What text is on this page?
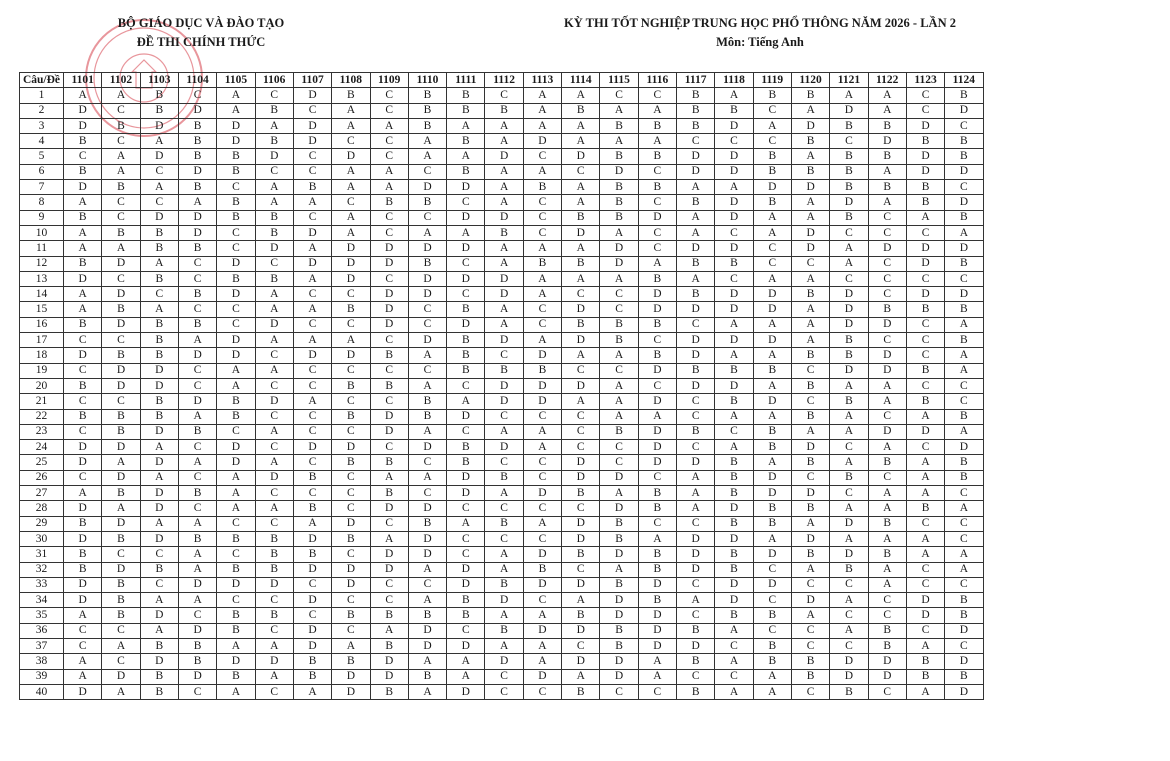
BỘ GIÁO DỤC VÀ ĐÀO TẠO
ĐỀ THI CHÍNH THỨC
KỲ THI TỐT NGHIỆP TRUNG HỌC PHỔ THÔNG NĂM 2026 - LẦN 2
Môn: Tiếng Anh
Câu/Đề	1101	1102	1103	1104	1105	1106	1107	1108	1109	1110	1111	1112	1113	1114	1115	1116	1117	1118	1119	1120	1121	1122	1123	1124
1	A	A	B	C	A	C	D	B	C	B	B	C	A	A	C	C	B	A	B	B	A	A	C	B
2	D	C	B	D	A	B	C	A	C	B	B	B	A	B	A	A	B	B	C	A	D	A	C	D
3	D	B	D	B	D	A	D	A	A	B	A	A	A	A	B	B	B	D	A	D	B	B	D	C
4	B	C	A	B	D	B	D	C	C	A	B	A	D	A	A	A	C	C	C	B	C	D	B	B
5	C	A	D	B	B	D	C	D	C	A	A	D	C	D	B	B	D	D	B	A	B	B	D	B
6	B	A	C	D	B	C	C	A	A	C	B	A	A	C	D	C	D	D	B	B	B	A	D	D
7	D	B	A	B	C	A	B	A	A	D	D	A	B	A	B	B	A	A	D	D	B	B	B	C
8	A	C	C	A	B	A	A	C	B	B	C	A	C	A	B	C	B	D	B	A	D	A	B	D
9	B	C	D	D	B	B	C	A	C	C	D	D	C	B	B	D	A	D	A	A	B	C	A	B
10	A	B	B	D	C	B	D	A	C	A	A	B	C	D	A	C	A	C	A	D	C	C	C	A
11	A	A	B	B	C	D	A	D	D	D	D	A	A	A	D	C	D	D	C	D	A	D	D	D
12	B	D	A	C	D	C	D	D	D	B	C	A	B	B	D	A	B	B	C	C	A	C	D	B
13	D	C	B	C	B	B	A	D	C	D	D	D	A	A	A	B	A	C	A	A	C	C	C	C
14	A	D	C	B	D	A	C	C	D	D	C	D	A	C	C	D	B	D	D	B	D	C	D	D
15	A	B	A	C	C	A	A	B	D	C	B	A	C	D	C	D	D	D	D	A	D	B	B	B
16	B	D	B	B	C	D	C	C	D	C	D	A	C	B	B	B	C	A	A	A	D	D	C	A
17	C	C	B	A	D	A	A	A	C	D	B	D	A	D	B	C	D	D	D	A	B	C	C	B
18	D	B	B	D	D	C	D	D	B	A	B	C	D	A	A	B	D	A	A	B	B	D	C	A
19	C	D	D	C	A	A	C	C	C	C	B	B	B	C	C	D	B	B	B	C	D	D	B	A
20	B	D	D	C	A	C	C	B	B	A	C	D	D	D	A	C	D	D	A	B	A	A	C	C
21	C	C	B	D	B	D	A	C	C	B	A	D	D	A	A	D	C	B	D	C	B	A	B	C
22	B	B	B	A	B	C	C	B	D	B	D	C	C	C	A	A	C	A	A	B	A	C	A	B
23	C	B	D	B	C	A	C	C	D	A	C	A	A	C	B	D	B	C	B	A	A	D	D	A
24	D	D	A	C	D	C	D	D	C	D	B	D	A	C	C	D	C	A	B	D	C	A	C	D
25	D	A	D	A	D	A	C	B	B	C	B	C	C	D	C	D	D	B	A	B	A	B	A	B
26	C	D	A	C	A	D	B	C	A	A	D	B	C	D	D	C	A	B	D	C	B	C	A	B
27	A	B	D	B	A	C	C	C	B	C	D	A	D	B	A	B	A	B	D	D	C	A	A	C
28	D	A	D	C	A	A	B	C	D	D	C	C	C	C	D	B	A	D	B	B	A	A	B	A
29	B	D	A	A	C	C	A	D	C	B	A	B	A	D	B	C	C	B	B	A	D	B	C	C
30	D	B	D	B	B	B	D	B	A	D	C	C	C	D	B	A	D	D	A	D	A	A	A	C
31	B	C	C	A	C	B	B	C	D	D	C	A	D	B	D	B	D	B	D	B	D	B	A	A
32	B	D	B	A	B	B	D	D	D	A	D	A	B	C	A	B	D	B	C	A	B	A	C	A
33	D	B	C	D	D	D	C	D	C	C	D	B	D	D	B	D	C	D	D	C	C	A	C	C
34	D	B	A	A	C	C	D	C	C	A	B	D	C	A	D	B	A	D	C	D	A	C	D	B
35	A	B	D	C	B	B	C	B	B	B	B	A	A	B	D	D	C	B	B	A	C	C	D	B
36	C	C	A	D	B	C	D	C	A	D	C	B	D	D	B	D	B	A	C	C	A	B	C	D
37	C	A	B	B	A	A	D	A	B	D	D	A	A	C	B	D	D	C	B	C	C	B	A	C
38	A	C	D	B	D	D	B	B	D	A	A	D	A	D	D	A	B	A	B	B	D	D	B	D
39	A	D	B	D	B	A	B	D	D	B	A	C	D	A	D	A	C	C	A	B	D	D	B	B
40	D	A	B	C	A	C	A	D	B	A	D	C	C	B	C	C	B	A	A	C	B	C	A	D
